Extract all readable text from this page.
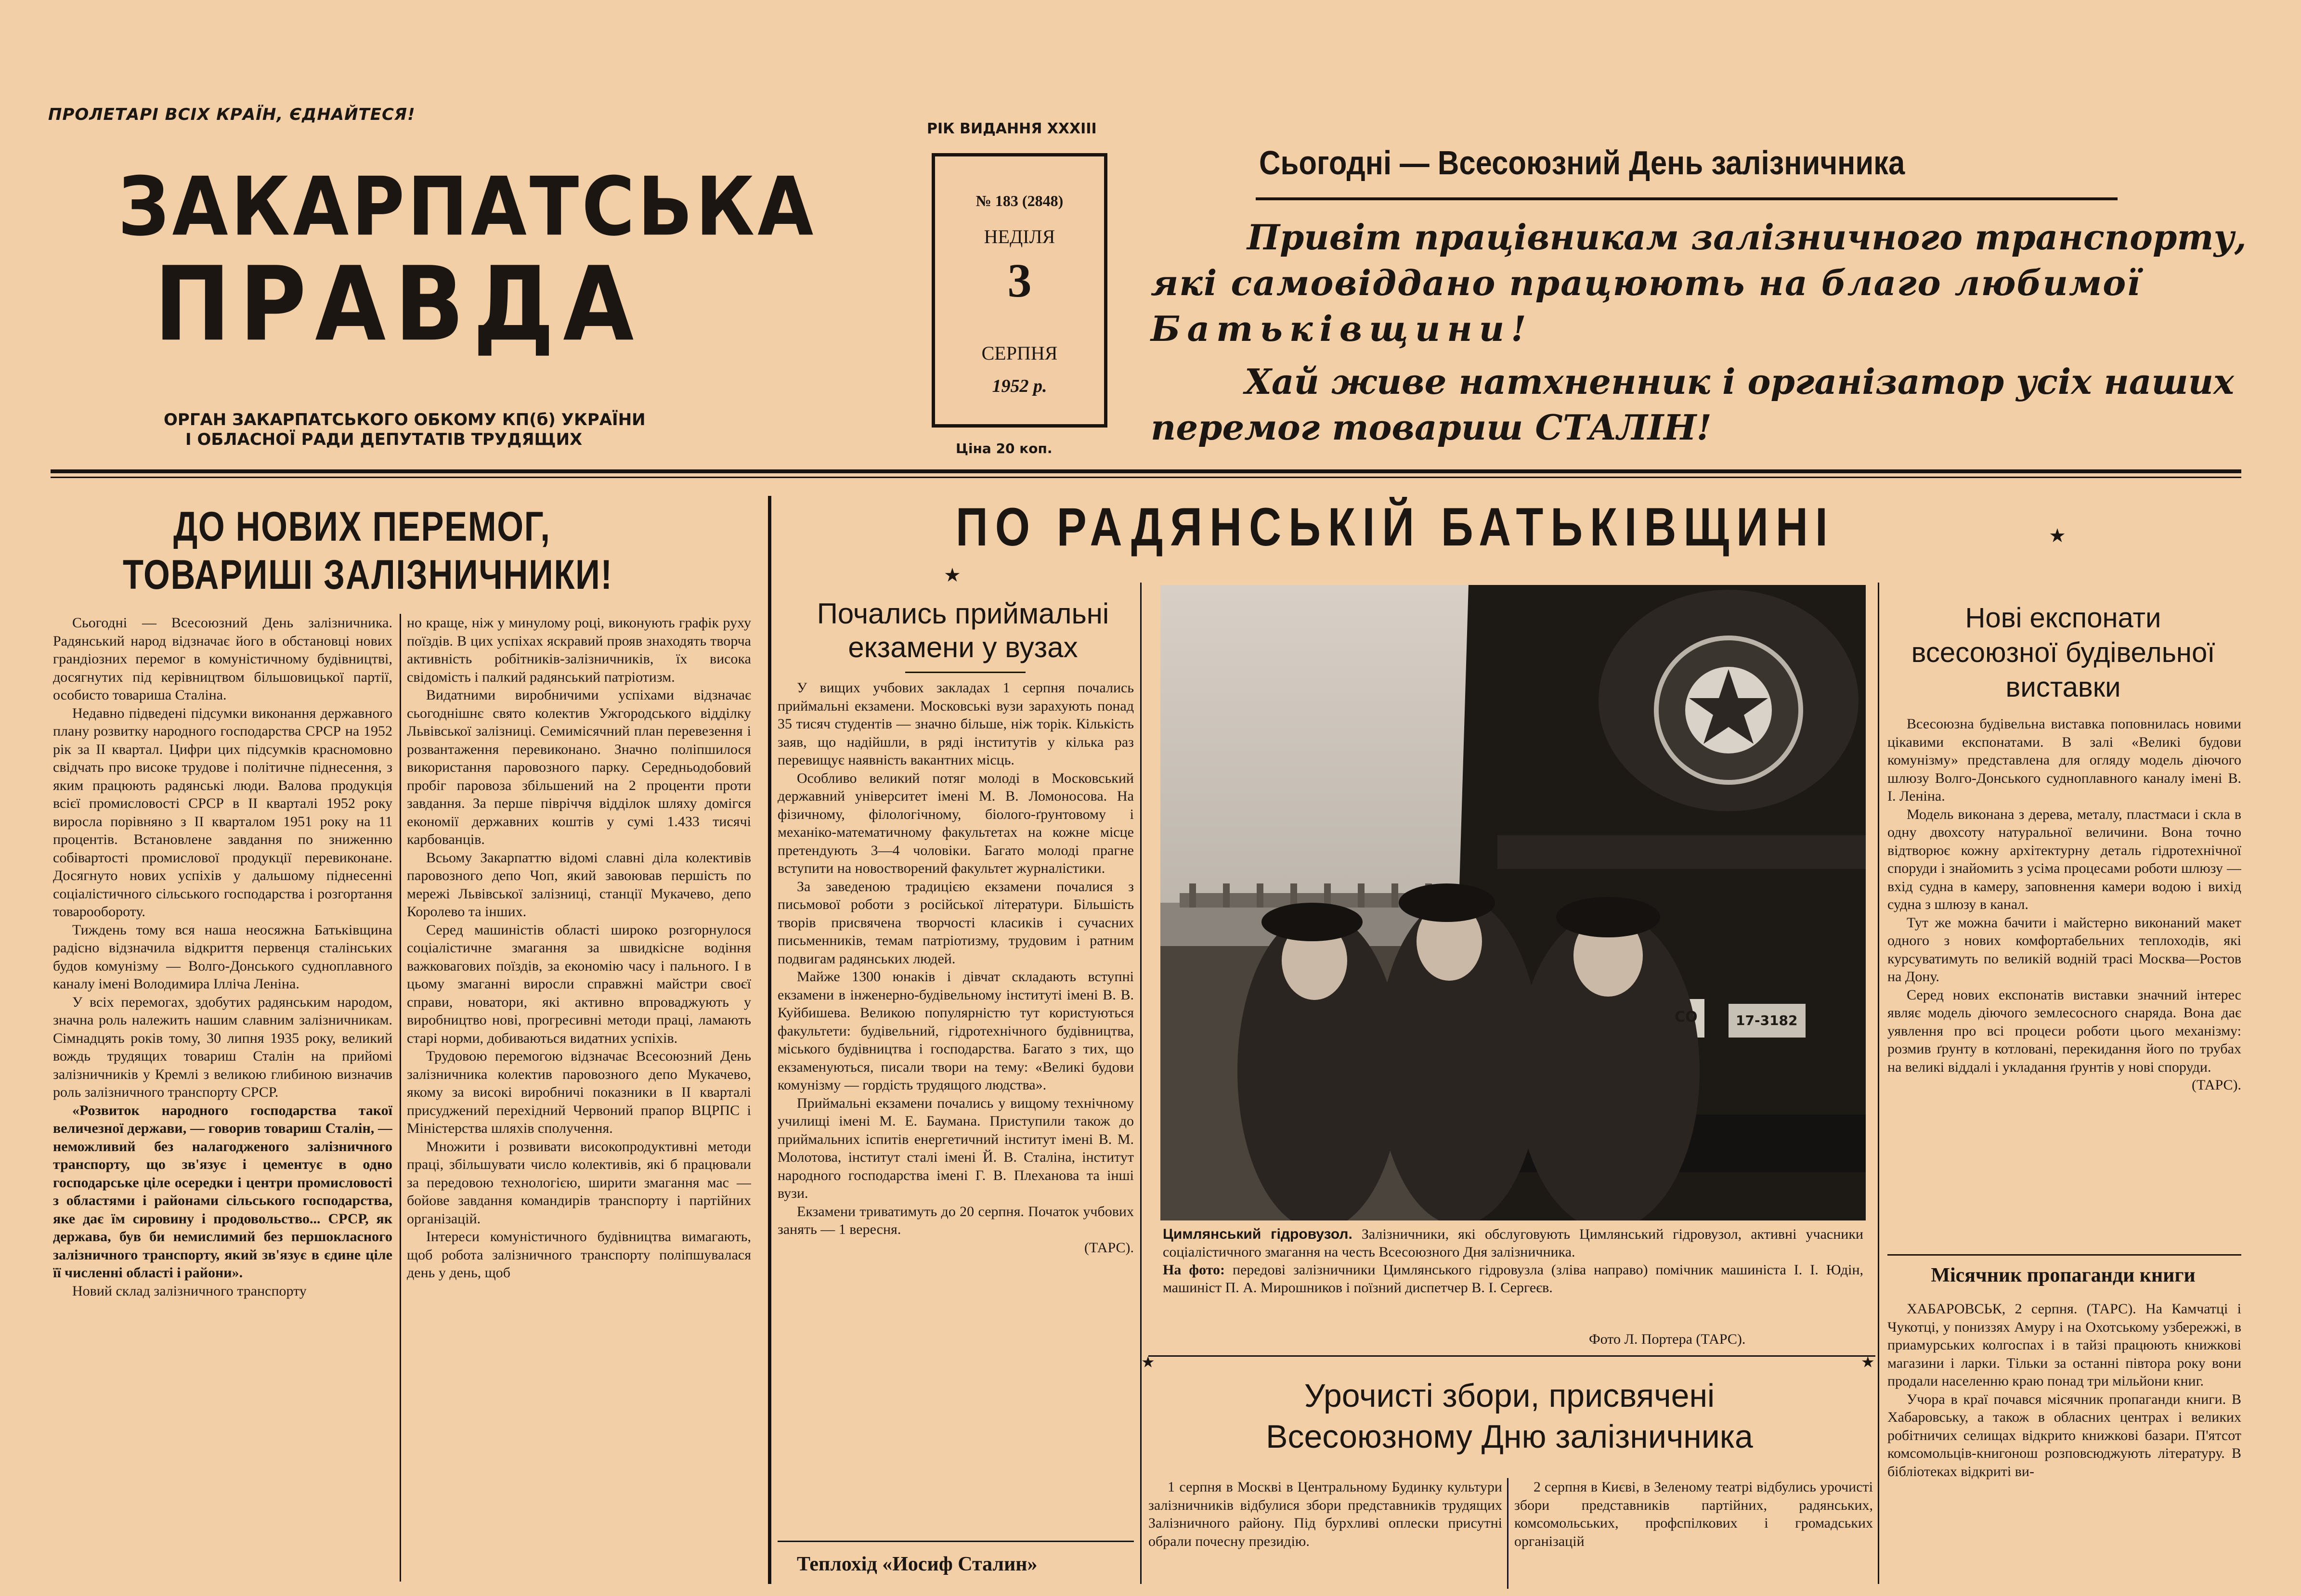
ПРОЛЕТАРІ ВСІХ КРАЇН, ЄДНАЙТЕСЯ!
ЗАКАРПАТСЬКА
ПРАВДА
ОРГАН ЗАКАРПАТСЬКОГО ОБКОМУ КП(б) УКРАЇНИ
І ОБЛАСНОЇ РАДИ ДЕПУТАТІВ ТРУДЯЩИХ
РІК ВИДАННЯ XXXIII
№ 183 (2848)
НЕДІЛЯ
3
СЕРПНЯ
1952 р.
Ціна 20 коп.
Сьогодні — Всесоюзний День залізничника
Привіт працівникам залізничного транспорту,
які самовіддано працюють на благо любимої
Батьківщини!
Хай живе натхненник і організатор усіх наших
перемог товариш СТАЛІН!
ДО НОВИХ ПЕРЕМОГ,
ТОВАРИШІ ЗАЛІЗНИЧНИКИ!

Сьогодні — Всесоюзний День залізничника. Радянський народ відзначає його в обстановці нових грандіозних перемог в комуністичному будівництві, досягнутих під керівництвом більшовицької партії, особисто товариша Сталіна.

Недавно підведені підсумки виконання державного плану розвитку народного господарства СРСР на 1952 рік за II квартал. Цифри цих підсумків красномовно свідчать про високе трудове і політичне піднесення, з яким працюють радянські люди. Валова продукція всієї промисловості СРСР в II кварталі 1952 року виросла порівняно з II кварталом 1951 року на 11 процентів. Встановлене завдання по зниженню собівартості промислової продукції перевиконане. Досягнуто нових успіхів у дальшому піднесенні соціалістичного сільського господарства і розгортання товарообороту.

Тиждень тому вся наша неосяжна Батьківщина радісно відзначила відкриття первенця сталінських будов комунізму — Волго-Донського судноплавного каналу імені Володимира Ілліча Леніна.

У всіх перемогах, здобутих радянським народом, значна роль належить нашим славним залізничникам. Сімнадцять років тому, 30 липня 1935 року, великий вождь трудящих товариш Сталін на прийомі залізничників у Кремлі з великою глибиною визначив роль залізничного транспорту СРСР.

«Розвиток народного господарства такої величезної держави, — говорив товариш Сталін, — неможливий без налагодженого залізничного транспорту, що зв'язує і цементує в одно господарське ціле осередки і центри промисловості з областями і районами сільського господарства, яке дає їм сировину і продовольство... СРСР, як держава, був би немислимий без першокласного залізничного транспорту, який зв'язує в єдине ціле її численні області і райони».

Новий склад залізничного транспорту

но краще, ніж у минулому році, виконують графік руху поїздів. В цих успіхах яскравий прояв знаходять творча активність робітників-залізничників, їх висока свідомість і палкий радянський патріотизм.

Видатними виробничими успіхами відзначає сьогоднішнє свято колектив Ужгородського відділку Львівської залізниці. Семимісячний план перевезення і розвантаження перевиконано. Значно поліпшилося використання паровозного парку. Середньодобовий пробіг паровоза збільшений на 2 проценти проти завдання. За перше півріччя відділок шляху домігся економії державних коштів у сумі 1.433 тисячі карбованців.

Всьому Закарпаттю відомі славні діла колективів паровозного депо Чоп, який завоював першість по мережі Львівської залізниці, станції Мукачево, депо Королево та інших.

Серед машиністів області широко розгорнулося соціалістичне змагання за швидкісне водіння важковагових поїздів, за економію часу і пального. І в цьому змаганні виросли справжні майстри своєї справи, новатори, які активно впроваджують у виробництво нові, прогресивні методи праці, ламають старі норми, добиваються видатних успіхів.

Трудовою перемогою відзначає Всесоюзний День залізничника колектив паровозного депо Мукачево, якому за високі виробничі показники в II кварталі присуджений перехідний Червоний прапор ВЦРПС і Міністерства шляхів сполучення.

Множити і розвивати високопродуктивні методи праці, збільшувати число колективів, які б працювали за передовою технологією, ширити змагання мас — бойове завдання командирів транспорту і партійних організацій.

Інтереси комуністичного будівництва вимагають, щоб робота залізничного транспорту поліпшувалася день у день, щоб

ПО РАДЯНСЬКІЙ БАТЬКІВЩИНІ
★
★
Почались приймальні
екзамени у вузах

У вищих учбових закладах 1 серпня почались приймальні екзамени. Московські вузи зарахують понад 35 тисяч студентів — значно більше, ніж торік. Кількість заяв, що надійшли, в ряді інститутів у кілька раз перевищує наявність вакантних місць.

Особливо великий потяг молоді в Московський державний університет імені М. В. Ломоносова. На фізичному, філологічному, біолого-ґрунтовому і механіко-математичному факультетах на кожне місце претендують 3—4 чоловіки. Багато молоді прагне вступити на новостворений факультет журналістики.

За заведеною традицією екзамени почалися з письмової роботи з російської літератури. Більшість творів присвячена творчості класиків і сучасних письменників, темам патріотизму, трудовим і ратним подвигам радянських людей.

Майже 1300 юнаків і дівчат складають вступні екзамени в інженерно-будівельному інституті імені В. В. Куйбишева. Великою популярністю тут користуються факультети: будівельний, гідротехнічного будівництва, міського будівництва і господарства. Багато з тих, що екзаменуються, писали твори на тему: «Великі будови комунізму — гордість трудящого людства».

Приймальні екзамени почались у вищому технічному училищі імені М. Е. Баумана. Приступили також до приймальних іспитів енергетичний інститут імені В. М. Молотова, інститут сталі імені Й. В. Сталіна, інститут народного господарства імені Г. В. Плеханова та інші вузи.

Екзамени триватимуть до 20 серпня. Початок учбових занять — 1 вересня.

(ТАРС).

Теплохід «Иосиф Сталин»
СО	17-3182
Цимлянський гідровузол. Залізничники, які обслуговують Цимлянський гідровузол, активні учасники соціалістичного змагання на честь Всесоюзного Дня залізничника.
На фото: передові залізничники Цимлянського гідровузла (зліва направо) помічник машиніста І. І. Юдін, машиніст П. А. Мирошников і поїзний диспетчер В. І. Сергеєв.
Фото Л. Портера (ТАРС).
★	★
Урочисті збори, присвячені
Всесоюзному Дню залізничника

1 серпня в Москві в Центральному Будинку культури залізничників відбулися збори представників трудящих Залізничного району. Під бурхливі оплески присутні обрали почесну президію.

2 серпня в Києві, в Зеленому театрі відбулись урочисті збори представників партійних, радянських, комсомольських, профспілкових і громадських організацій

Нові експонати
всесоюзної будівельної
виставки

Всесоюзна будівельна виставка поповнилась новими цікавими експонатами. В залі «Великі будови комунізму» представлена для огляду модель діючого шлюзу Волго-Донського судноплавного каналу імені В. І. Леніна.

Модель виконана з дерева, металу, пластмаси і скла в одну двохсоту натуральної величини. Вона точно відтворює кожну архітектурну деталь гідротехнічної споруди і знайомить з усіма процесами роботи шлюзу — вхід судна в камеру, заповнення камери водою і вихід судна з шлюзу в канал.

Тут же можна бачити і майстерно виконаний макет одного з нових комфортабельних теплоходів, які курсуватимуть по великій водній трасі Москва—Ростов на Дону.

Серед нових експонатів виставки значний інтерес являє модель діючого землесосного снаряда. Вона дає уявлення про всі процеси роботи цього механізму: розмив ґрунту в котловані, перекидання його по трубах на великі віддалі і укладання ґрунтів у нові споруди.

(ТАРС).

Місячник пропаганди книги

ХАБАРОВСЬК, 2 серпня. (ТАРС). На Камчатці і Чукотці, у пониззях Амуру і на Охотському узбережжі, в приамурських колгоспах і в тайзі працюють книжкові магазини і ларки. Тільки за останні півтора року вони продали населенню краю понад три мільйони книг.

Учора в краї почався місячник пропаганди книги. В Хабаровську, а також в обласних центрах і великих робітничих селищах відкрито книжкові базари. П'ятсот комсомольців-книгонош розповсюджують літературу. В бібліотеках відкриті ви-
